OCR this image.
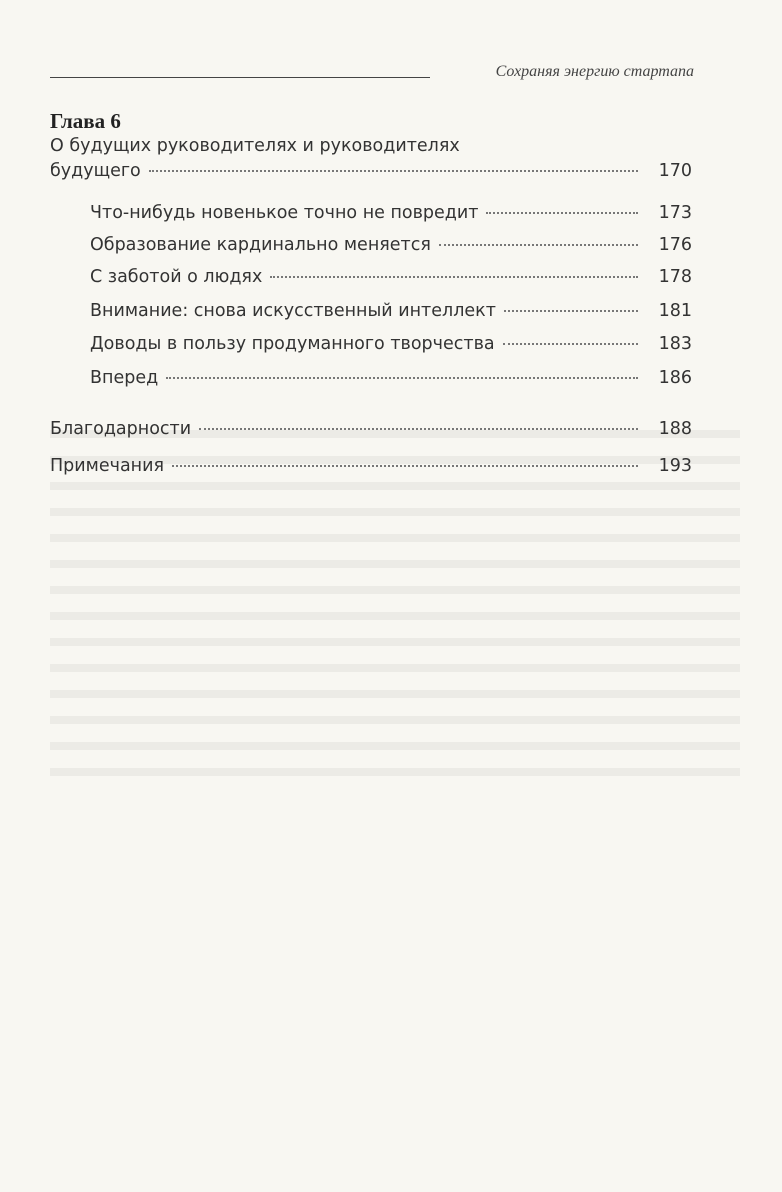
Сохраняя энергию стартапа
Глава 6
О будущих руководителях и руководителях
будущего	170
Что-нибудь новенькое точно не повредит	173
Образование кардинально меняется	176
С заботой о людях	178
Внимание: снова искусственный интеллект	181
Доводы в пользу продуманного творчества	183
Вперед	186
Благодарности	188
Примечания	193
